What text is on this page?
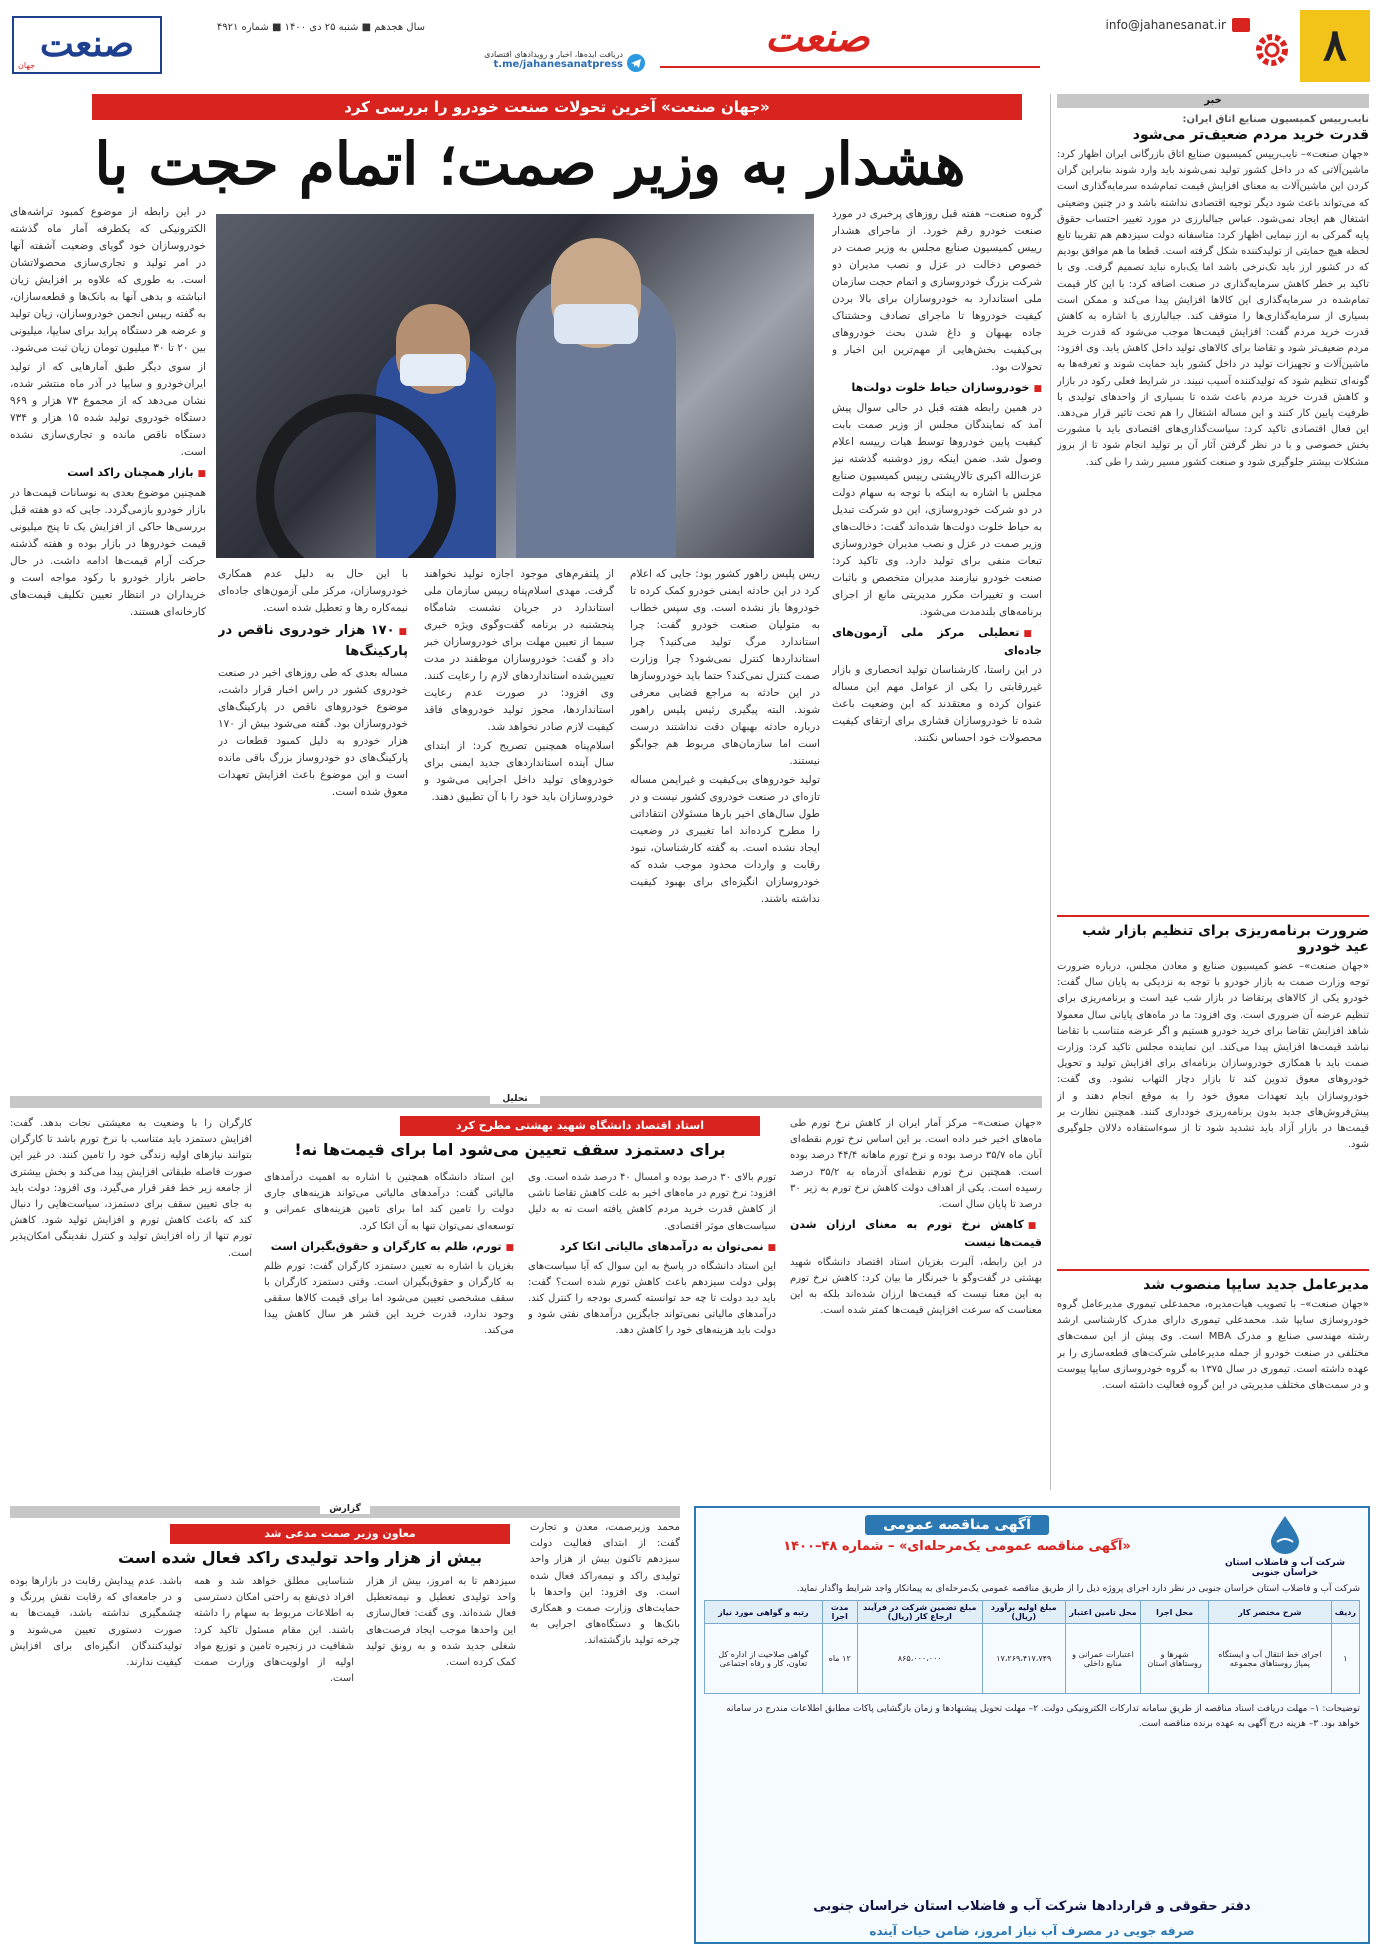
سال هجدهم ■ شنبه ۲۵ دی ۱۴۰۰ ■ شماره ۴۹۲۱
صنعت
جهان
دریافت ایده‌ها، اخبار و رویدادهای اقتصادی
t.me/jahanesanatpress
صنعت	info@jahanesanat.ir	۸
خبر
نایب‌رییس کمیسیون صنایع اتاق ایران:
قدرت خرید مردم ضعیف‌تر می‌شود
«جهان صنعت»– نایب‌رییس کمیسیون صنایع اتاق بازرگانی ایران اظهار کرد: ماشین‌آلاتی که در داخل کشور تولید نمی‌شوند باید وارد شوند بنابراین گران کردن این ماشین‌آلات به معنای افزایش قیمت تمام‌شده سرمایه‌گذاری است که می‌تواند باعث شود دیگر توجیه اقتصادی نداشته باشد و در چنین وضعیتی اشتغال هم ایجاد نمی‌شود. عباس جبالبارزی در مورد تغییر احتساب حقوق پایه گمرکی به ارز نیمایی اظهار کرد: متاسفانه دولت سیزدهم هم تقریبا تابع لحظه هیچ حمایتی از تولیدکننده شکل گرفته است. قطعا ما هم موافق بودیم که در کشور ارز باید تک‌نرخی باشد اما یک‌باره نباید تصمیم گرفت. وی با تاکید بر خطر کاهش سرمایه‌گذاری در صنعت اضافه کرد: با این کار قیمت تمام‌شده در سرمایه‌گذاری این کالاها افزایش پیدا می‌کند و ممکن است بسیاری از سرمایه‌گذاری‌ها را متوقف کند. جبالبارزی با اشاره به کاهش قدرت خرید مردم گفت: افزایش قیمت‌ها موجب می‌شود که قدرت خرید مردم ضعیف‌تر شود و تقاضا برای کالاهای تولید داخل کاهش یابد. وی افزود: ماشین‌آلات و تجهیزات تولید در داخل کشور باید حمایت شوند و تعرفه‌ها به گونه‌ای تنظیم شود که تولیدکننده آسیب نبیند. در شرایط فعلی رکود در بازار و کاهش قدرت خرید مردم باعث شده تا بسیاری از واحدهای تولیدی با ظرفیت پایین کار کنند و این مساله اشتغال را هم تحت تاثیر قرار می‌دهد. این فعال اقتصادی تاکید کرد: سیاست‌گذاری‌های اقتصادی باید با مشورت بخش خصوصی و با در نظر گرفتن آثار آن بر تولید انجام شود تا از بروز مشکلات بیشتر جلوگیری شود و صنعت کشور مسیر رشد را طی کند.
ضرورت برنامه‌ریزی برای تنظیم بازار شب عید خودرو
«جهان صنعت»– عضو کمیسیون صنایع و معادن مجلس، درباره ضرورت توجه وزارت صمت به بازار خودرو با توجه به نزدیکی به پایان سال گفت: خودرو یکی از کالاهای پرتقاضا در بازار شب عید است و برنامه‌ریزی برای تنظیم عرضه آن ضروری است. وی افزود: ما در ماه‌های پایانی سال معمولا شاهد افزایش تقاضا برای خرید خودرو هستیم و اگر عرضه متناسب با تقاضا نباشد قیمت‌ها افزایش پیدا می‌کند. این نماینده مجلس تاکید کرد: وزارت صمت باید با همکاری خودروسازان برنامه‌ای برای افزایش تولید و تحویل خودروهای معوق تدوین کند تا بازار دچار التهاب نشود. وی گفت: خودروسازان باید تعهدات معوق خود را به موقع انجام دهند و از پیش‌فروش‌های جدید بدون برنامه‌ریزی خودداری کنند. همچنین نظارت بر قیمت‌ها در بازار آزاد باید تشدید شود تا از سوءاستفاده دلالان جلوگیری شود.
مدیرعامل جدید سایپا منصوب شد
«جهان صنعت»– با تصویب هیات‌مدیره، محمدعلی تیموری مدیرعامل گروه خودروسازی سایپا شد. محمدعلی تیموری دارای مدرک کارشناسی ارشد رشته مهندسی صنایع و مدرک MBA است. وی پیش از این سمت‌های مختلفی در صنعت خودرو از جمله مدیرعاملی شرکت‌های قطعه‌سازی را بر عهده داشته است. تیموری در سال ۱۳۷۵ به گروه خودروسازی سایپا پیوست و در سمت‌های مختلف مدیریتی در این گروه فعالیت داشته است.
«جهان صنعت» آخرین تحولات صنعت خودرو را بررسی کرد
هشدار به وزیر صمت؛ اتمام حجت با

گروه صنعت– هفته قبل روزهای پرخبری در مورد صنعت خودرو رقم خورد. از ماجرای هشدار رییس کمیسیون صنایع مجلس به وزیر صمت در خصوص دخالت در عزل و نصب مدیران دو شرکت بزرگ خودروسازی و اتمام حجت سازمان ملی استاندارد به خودروسازان برای بالا بردن کیفیت خودروها تا ماجرای تصادف وحشتناک جاده بهبهان و داغ شدن بحث خودروهای بی‌کیفیت بخش‌هایی از مهم‌ترین این اخبار و تحولات بود.

■ خودروسازان حیاط خلوت دولت‌ها

در همین رابطه هفته قبل در حالی سوال پیش آمد که نمایندگان مجلس از وزیر صمت بابت کیفیت پایین خودروها توسط هیات رییسه اعلام وصول شد. ضمن اینکه روز دوشنبه گذشته نیز عزت‌الله اکبری تالارپشتی رییس کمیسیون صنایع مجلس با اشاره به اینکه با توجه به سهام دولت در دو شرکت خودروسازی، این دو شرکت تبدیل به حیاط خلوت دولت‌ها شده‌اند گفت: دخالت‌های وزیر صمت در عزل و نصب مدیران خودروسازی تبعات منفی برای تولید دارد. وی تاکید کرد: صنعت خودرو نیازمند مدیران متخصص و باثبات است و تغییرات مکرر مدیریتی مانع از اجرای برنامه‌های بلندمدت می‌شود.

■ تعطیلی مرکز ملی آزمون‌های جاده‌ای

در این راستا، کارشناسان تولید انحصاری و بازار غیررقابتی را یکی از عوامل مهم این مساله عنوان کرده و معتقدند که این وضعیت باعث شده تا خودروسازان فشاری برای ارتقای کیفیت محصولات خود احساس نکنند.

ریس پلیس راهور کشور بود: جایی که اعلام کرد در این حادثه ایمنی خودرو کمک کرده تا خودروها باز نشده است. وی سپس خطاب به متولیان صنعت خودرو گفت: چرا استاندارد مرگ تولید می‌کنید؟ چرا استانداردها کنترل نمی‌شود؟ چرا وزارت صمت کنترل نمی‌کند؟ حتما باید خودروسازها در این حادثه به مراجع قضایی معرفی شوند. البته پیگیری رئیس پلیس راهور درباره حادثه بهبهان دقت نداشتند درست است اما سازمان‌های مربوط هم جوابگو نیستند.

تولید خودروهای بی‌کیفیت و غیرایمن مساله تازه‌ای در صنعت خودروی کشور نیست و در طول سال‌های اخیر بارها مسئولان انتقاداتی را مطرح کرده‌اند اما تغییری در وضعیت ایجاد نشده است. به گفته کارشناسان، نبود رقابت و واردات محدود موجب شده که خودروسازان انگیزه‌ای برای بهبود کیفیت نداشته باشند.

از پلتفرم‌های موجود اجازه تولید نخواهند گرفت. مهدی اسلام‌پناه رییس سازمان ملی استاندارد در جریان نشست شامگاه پنجشنبه در برنامه گفت‌وگوی ویژه خبری سیما از تعیین مهلت برای خودروسازان خبر داد و گفت: خودروسازان موظفند در مدت تعیین‌شده استانداردهای لازم را رعایت کنند. وی افزود: در صورت عدم رعایت استانداردها، مجوز تولید خودروهای فاقد کیفیت لازم صادر نخواهد شد.

اسلام‌پناه همچنین تصریح کرد: از ابتدای سال آینده استانداردهای جدید ایمنی برای خودروهای تولید داخل اجرایی می‌شود و خودروسازان باید خود را با آن تطبیق دهند.

با این حال به دلیل عدم همکاری خودروسازان، مرکز ملی آزمون‌های جاده‌ای نیمه‌کاره رها و تعطیل شده است.

■ ۱۷۰ هزار خودروی ناقص در پارکینگ‌ها

مساله بعدی که طی روزهای اخیر در صنعت خودروی کشور در راس اخبار قرار داشت، موضوع خودروهای ناقص در پارکینگ‌های خودروسازان بود. گفته می‌شود بیش از ۱۷۰ هزار خودرو به دلیل کمبود قطعات در پارکینگ‌های دو خودروساز بزرگ باقی مانده است و این موضوع باعث افزایش تعهدات معوق شده است.

در این رابطه از موضوع کمبود تراشه‌های الکترونیکی که یکطرفه آمار ماه گذشته خودروسازان خود گویای وضعیت آشفته آنها در امر تولید و تجاری‌سازی محصولاتشان است. به طوری که علاوه بر افزایش زیان انباشته و بدهی آنها به بانک‌ها و قطعه‌سازان، به گفته رییس انجمن خودروسازان، زیان تولید و عرضه هر دستگاه پراید برای سایپا، میلیونی بین ۲۰ تا ۳۰ میلیون تومان زیان ثبت می‌شود.

از سوی دیگر طبق آمارهایی که از تولید ایران‌خودرو و سایپا در آذر ماه منتشر شده، نشان می‌دهد که از مجموع ۷۳ هزار و ۹۶۹ دستگاه خودروی تولید شده ۱۵ هزار و ۷۳۴ دستگاه ناقص مانده و تجاری‌سازی نشده است.

■ بازار همچنان راکد است

همچنین موضوع بعدی به نوسانات قیمت‌ها در بازار خودرو بازمی‌گردد. جایی که دو هفته قبل بررسی‌ها حاکی از افزایش یک تا پنج میلیونی قیمت خودروها در بازار بوده و هفته گذشته حرکت آرام قیمت‌ها ادامه داشت. در حال حاضر بازار خودرو با رکود مواجه است و خریداران در انتظار تعیین تکلیف قیمت‌های کارخانه‌ای هستند.

تحلیل
استاد اقتصاد دانشگاه شهید بهشتی مطرح کرد
برای دستمزد سقف تعیین می‌شود اما برای قیمت‌ها نه!

«جهان صنعت»– مرکز آمار ایران از کاهش نرخ تورم طی ماه‌های اخیر خبر داده است. بر این اساس نرخ تورم نقطه‌ای آبان ماه ۳۵/۷ درصد بوده و نرخ تورم ماهانه ۴۴/۴ درصد بوده است. همچنین نرخ تورم نقطه‌ای آذرماه به ۳۵/۲ درصد رسیده است. یکی از اهداف دولت کاهش نرخ تورم به زیر ۳۰ درصد تا پایان سال است.

■ کاهش نرخ تورم به معنای ارزان شدن قیمت‌ها نیست

در این رابطه، آلبرت بغزیان استاد اقتصاد دانشگاه شهید بهشتی در گفت‌وگو با خبرنگار ما بیان کرد: کاهش نرخ تورم به این معنا نیست که قیمت‌ها ارزان شده‌اند بلکه به این معناست که سرعت افزایش قیمت‌ها کمتر شده است.

تورم بالای ۳۰ درصد بوده و امسال ۴۰ درصد شده است. وی افزود: نرخ تورم در ماه‌های اخیر به علت کاهش تقاضا ناشی از کاهش قدرت خرید مردم کاهش یافته است نه به دلیل سیاست‌های موثر اقتصادی.

■ نمی‌توان به درآمدهای مالیاتی اتکا کرد

این استاد دانشگاه در پاسخ به این سوال که آیا سیاست‌های پولی دولت سیزدهم باعث کاهش تورم شده است؟ گفت: باید دید دولت تا چه حد توانسته کسری بودجه را کنترل کند. درآمدهای مالیاتی نمی‌تواند جایگزین درآمدهای نفتی شود و دولت باید هزینه‌های خود را کاهش دهد.

این استاد دانشگاه همچنین با اشاره به اهمیت درآمدهای مالیاتی گفت: درآمدهای مالیاتی می‌تواند هزینه‌های جاری دولت را تامین کند اما برای تامین هزینه‌های عمرانی و توسعه‌ای نمی‌توان تنها به آن اتکا کرد.

■ تورم، ظلم به کارگران و حقوق‌بگیران است

بغزیان با اشاره به تعیین دستمزد کارگران گفت: تورم ظلم به کارگران و حقوق‌بگیران است. وقتی دستمزد کارگران با سقف مشخصی تعیین می‌شود اما برای قیمت کالاها سقفی وجود ندارد، قدرت خرید این قشر هر سال کاهش پیدا می‌کند.

کارگران را با وضعیت به معیشتی نجات بدهد. گفت: افزایش دستمزد باید متناسب با نرخ تورم باشد تا کارگران بتوانند نیازهای اولیه زندگی خود را تامین کنند. در غیر این صورت فاصله طبقاتی افزایش پیدا می‌کند و بخش بیشتری از جامعه زیر خط فقر قرار می‌گیرد. وی افزود: دولت باید به جای تعیین سقف برای دستمزد، سیاست‌هایی را دنبال کند که باعث کاهش تورم و افزایش تولید شود. کاهش تورم تنها از راه افزایش تولید و کنترل نقدینگی امکان‌پذیر است.

گزارش
معاون وزیر صمت مدعی شد
بیش از هزار واحد تولیدی راکد فعال شده است
محمد وزیرصمت، معدن و تجارت گفت: از ابتدای فعالیت دولت سیزدهم تاکنون بیش از هزار واحد تولیدی راکد و نیمه‌راکد فعال شده است. وی افزود: این واحدها با حمایت‌های وزارت صمت و همکاری بانک‌ها و دستگاه‌های اجرایی به چرخه تولید بازگشته‌اند.
سیزدهم تا به امروز، بیش از هزار واحد تولیدی تعطیل و نیمه‌تعطیل فعال شده‌اند. وی گفت: فعال‌سازی این واحدها موجب ایجاد فرصت‌های شغلی جدید شده و به رونق تولید کمک کرده است.
شناسایی مطلق خواهد شد و همه افراد ذی‌نفع به راحتی امکان دسترسی به اطلاعات مربوط به سهام را داشته باشند. این مقام مسئول تاکید کرد: شفافیت در زنجیره تامین و توزیع مواد اولیه از اولویت‌های وزارت صمت است.
باشد. عدم پیدایش رقابت در بازارها بوده و در جامعه‌ای که رقابت نقش پررنگ و چشمگیری نداشته باشد، قیمت‌ها به صورت دستوری تعیین می‌شوند و تولیدکنندگان انگیزه‌ای برای افزایش کیفیت ندارند.
شرکت آب و فاضلاب استان خراسان جنوبی
آگهی مناقصه عمومی
«آگهی مناقصه عمومی یک‌مرحله‌ای» – شماره ۴۸–۱۴۰۰
شرکت آب و فاضلاب استان خراسان جنوبی در نظر دارد اجرای پروژه ذیل را از طریق مناقصه عمومی یک‌مرحله‌ای به پیمانکار واجد شرایط واگذار نماید.
ردیف	شرح مختصر کار	محل اجرا	محل تامین اعتبار	مبلغ اولیه برآورد (ریال)	مبلغ تضمین شرکت در فرآیند ارجاع کار (ریال)	مدت اجرا	رتبه و گواهی مورد نیاز
۱	اجرای خط انتقال آب و ایستگاه پمپاژ روستاهای مجموعه	شهرها و روستاهای استان	اعتبارات عمرانی و منابع داخلی	۱۷،۲۶۹،۴۱۷،۷۴۹	۸۶۵،۰۰۰،۰۰۰	۱۲ ماه	گواهی صلاحیت از اداره کل تعاون، کار و رفاه اجتماعی
توضیحات: ۱– مهلت دریافت اسناد مناقصه از طریق سامانه تدارکات الکترونیکی دولت. ۲– مهلت تحویل پیشنهادها و زمان بازگشایی پاکات مطابق اطلاعات مندرج در سامانه خواهد بود. ۳– هزینه درج آگهی به عهده برنده مناقصه است.
دفتر حقوقی و قراردادها شرکت آب و فاضلاب استان خراسان جنوبی
صرفه جویی در مصرف آب نیاز امروز، ضامن حیات آینده
